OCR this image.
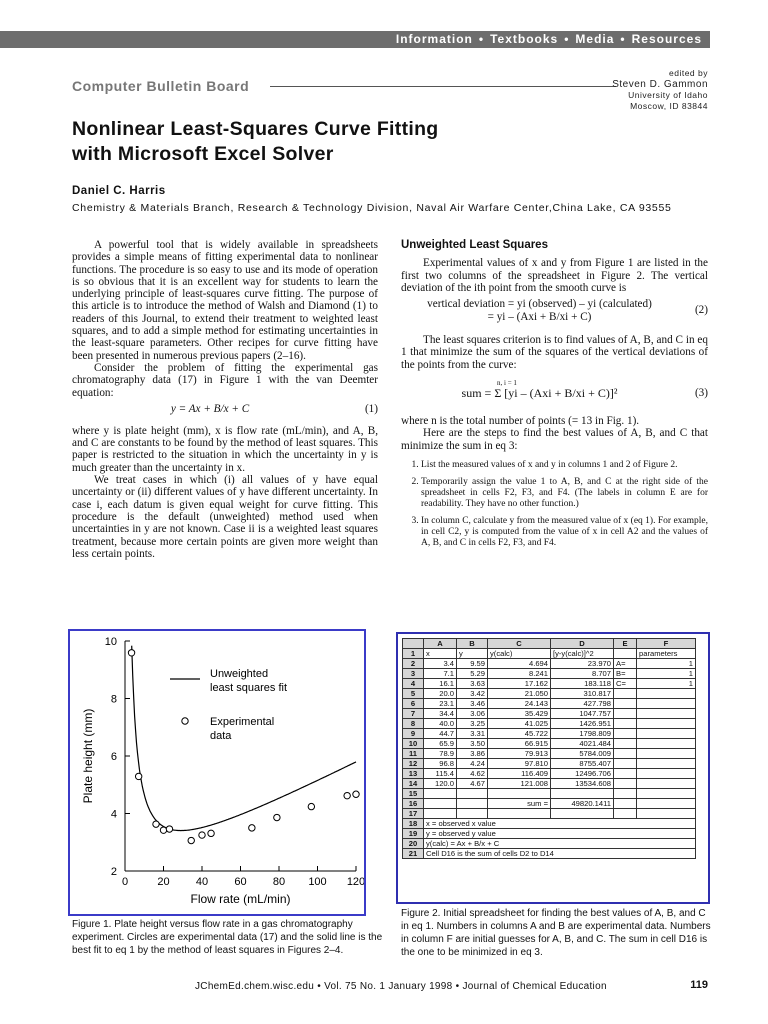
Information • Textbooks • Media • Resources
Computer Bulletin Board
edited by
Steven D. Gammon
University of Idaho
Moscow, ID 83844
Nonlinear Least-Squares Curve Fitting
with Microsoft Excel Solver
Daniel C. Harris
Chemistry & Materials Branch, Research & Technology Division, Naval Air Warfare Center,China Lake, CA 93555

A powerful tool that is widely available in spreadsheets provides a simple means of fitting experimental data to nonlinear functions. The procedure is so easy to use and its mode of operation is so obvious that it is an excellent way for students to learn the underlying principle of least-squares curve fitting. The purpose of this article is to introduce the method of Walsh and Diamond (1) to readers of this Journal, to extend their treatment to weighted least squares, and to add a simple method for estimating uncertainties in the least-square parameters. Other recipes for curve fitting have been presented in numerous previous papers (2–16).

Consider the problem of fitting the experimental gas chromatography data (17) in Figure 1 with the van Deemter equation:

y = Ax + B/x + C	(1)

where y is plate height (mm), x is flow rate (mL/min), and A, B, and C are constants to be found by the method of least squares. This paper is restricted to the situation in which the uncertainty in y is much greater than the uncertainty in x.

We treat cases in which (i) all values of y have equal uncertainty or (ii) different values of y have different uncertainty. In case i, each datum is given equal weight for curve fitting. This procedure is the default (unweighted) method used when uncertainties in y are not known. Case ii is a weighted least squares treatment, because more certain points are given more weight than less certain points.

Unweighted Least Squares

Experimental values of x and y from Figure 1 are listed in the first two columns of the spreadsheet in Figure 2. The vertical deviation of the ith point from the smooth curve is

vertical deviation = yi (observed) – yi (calculated)
= yi – (Axi + B/xi + C)
(2)

The least squares criterion is to find values of A, B, and C in eq 1 that minimize the sum of the squares of the vertical deviations of the points from the curve:

sum = Σ [yi – (Axi + B/xi + C)]²
n, i = 1
(3)

where n is the total number of points (= 13 in Fig. 1).

Here are the steps to find the best values of A, B, and C that minimize the sum in eq 3:

1. List the measured values of x and y in columns 1 and 2 of Figure 2.
2. Temporarily assign the value 1 to A, B, and C at the right side of the spreadsheet in cells F2, F3, and F4. (The labels in column E are for readability. They have no other function.)
3. In column C, calculate y from the measured value of x (eq 1). For example, in cell C2, y is computed from the value of x in cell A2 and the values of A, B, and C in cells F2, F3, and F4.
0	20 40 60 80 100 120
2
4
6
8
10
Flow rate (mL/min)
Plate height (mm)
Unweighted
least squares fit
Experimental
data
Figure 1. Plate height versus flow rate in a gas chromatography experiment. Circles are experimental data (17) and the solid line is the best fit to eq 1 by the method of least squares in Figures 2–4.
	A	B	C	D	E	F
1	x	y	y(calc)	[y-y(calc)]^2		parameters
2	3.4	9.59	4.694	23.970	A=	1
3	7.1	5.29	8.241	8.707	B=	1
4	16.1	3.63	17.162	183.118	C=	1
5	20.0	3.42	21.050	310.817		
6	23.1	3.46	24.143	427.798		
7	34.4	3.06	35.429	1047.757		
8	40.0	3.25	41.025	1426.951		
9	44.7	3.31	45.722	1798.809		
10	65.9	3.50	66.915	4021.484		
11	78.9	3.86	79.913	5784.009		
12	96.8	4.24	97.810	8755.407		
13	115.4	4.62	116.409	12496.706		
14	120.0	4.67	121.008	13534.608		
15						
16			sum =	49820.1411		
17						
18	x = observed x value					
19	y = observed y value					
20	y(calc) = Ax + B/x + C					
21	Cell D16 is the sum of cells D2 to D14					
Figure 2. Initial spreadsheet for finding the best values of A, B, and C in eq 1. Numbers in columns A and B are experimental data. Numbers in column F are initial guesses for A, B, and C. The sum in cell D16 is the one to be minimized in eq 3.
JChemEd.chem.wisc.edu • Vol. 75 No. 1 January 1998 • Journal of Chemical Education	119
